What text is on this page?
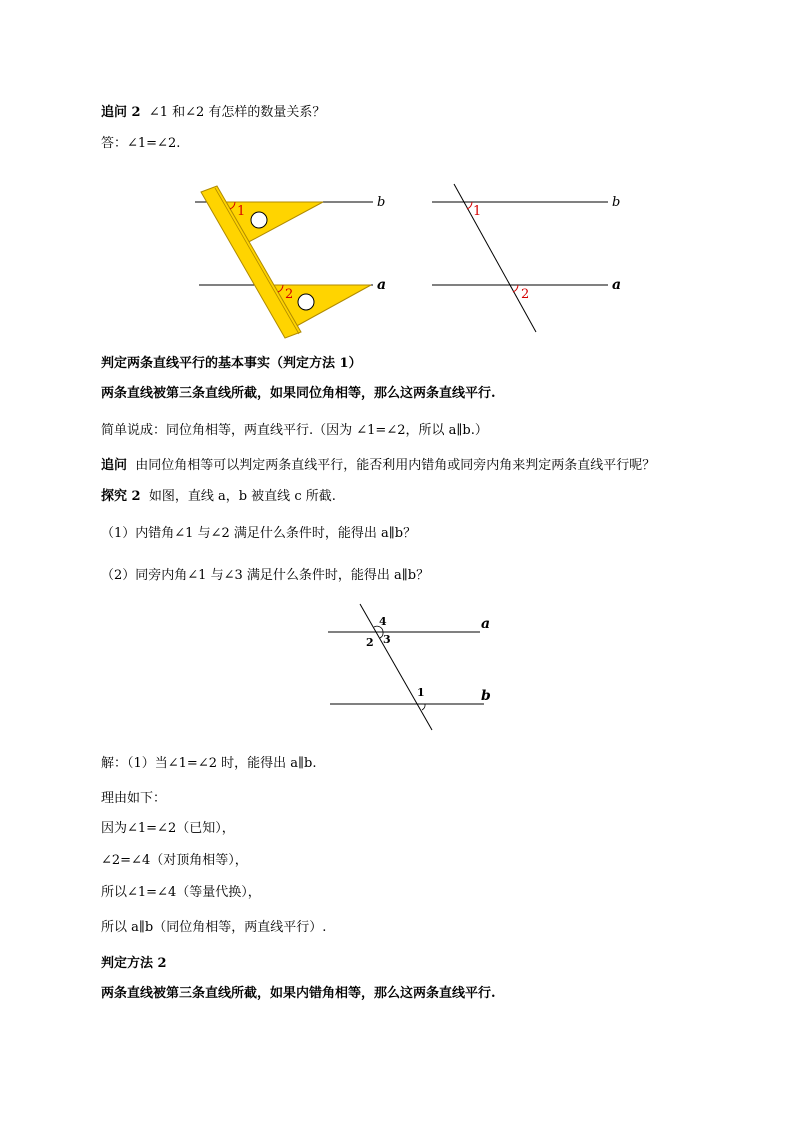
追问 2 ∠1 和∠2 有怎样的数量关系？
答：∠1=∠2.
1
2
b
a
1
2
b
a
判定两条直线平行的基本事实（判定方法 1）
两条直线被第三条直线所截，如果同位角相等，那么这两条直线平行.
简单说成：同位角相等，两直线平行.（因为 ∠1=∠2，所以 a∥b.）
追问 由同位角相等可以判定两条直线平行，能否利用内错角或同旁内角来判定两条直线平行呢？
探究 2 如图，直线 a，b 被直线 c 所截.
（1）内错角∠1 与∠2 满足什么条件时，能得出 a∥b？
（2）同旁内角∠1 与∠3 满足什么条件时，能得出 a∥b？
4
2 3
1
a
b
解：（1）当∠1=∠2 时，能得出 a∥b.
理由如下：
因为∠1=∠2（已知），
∠2=∠4（对顶角相等），
所以∠1=∠4（等量代换），
所以 a∥b（同位角相等，两直线平行）.
判定方法 2
两条直线被第三条直线所截，如果内错角相等，那么这两条直线平行.
